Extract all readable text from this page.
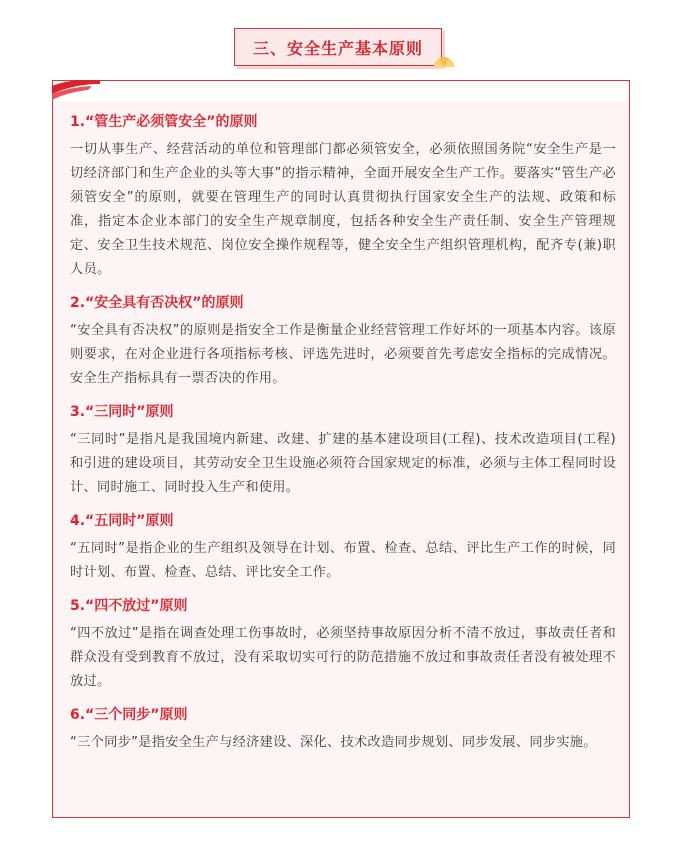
三、安全生产基本原则
1.“管生产必须管安全”的原则
一切从事生产、经营活动的单位和管理部门都必须管安全，必须依照国务院“安全生产是一切经济部门和生产企业的头等大事”的指示精神，全面开展安全生产工作。要落实“管生产必须管安全”的原则，就要在管理生产的同时认真贯彻执行国家安全生产的法规、政策和标准，指定本企业本部门的安全生产规章制度，包括各种安全生产责任制、安全生产管理规定、安全卫生技术规范、岗位安全操作规程等，健全安全生产组织管理机构，配齐专(兼)职人员。
2.“安全具有否决权”的原则
“安全具有否决权”的原则是指安全工作是衡量企业经营管理工作好坏的一项基本内容。该原则要求，在对企业进行各项指标考核、评选先进时，必须要首先考虑安全指标的完成情况。安全生产指标具有一票否决的作用。
3.“三同时”原则
“三同时”是指凡是我国境内新建、改建、扩建的基本建设项目(工程)、技术改造项目(工程)和引进的建设项目，其劳动安全卫生设施必须符合国家规定的标准，必须与主体工程同时设计、同时施工、同时投入生产和使用。
4.“五同时”原则
“五同时”是指企业的生产组织及领导在计划、布置、检查、总结、评比生产工作的时候，同时计划、布置、检查、总结、评比安全工作。
5.“四不放过”原则
“四不放过”是指在调查处理工伤事故时，必须坚持事故原因分析不清不放过，事故责任者和群众没有受到教育不放过，没有采取切实可行的防范措施不放过和事故责任者没有被处理不放过。
6.“三个同步”原则
“三个同步”是指安全生产与经济建设、深化、技术改造同步规划、同步发展、同步实施。
